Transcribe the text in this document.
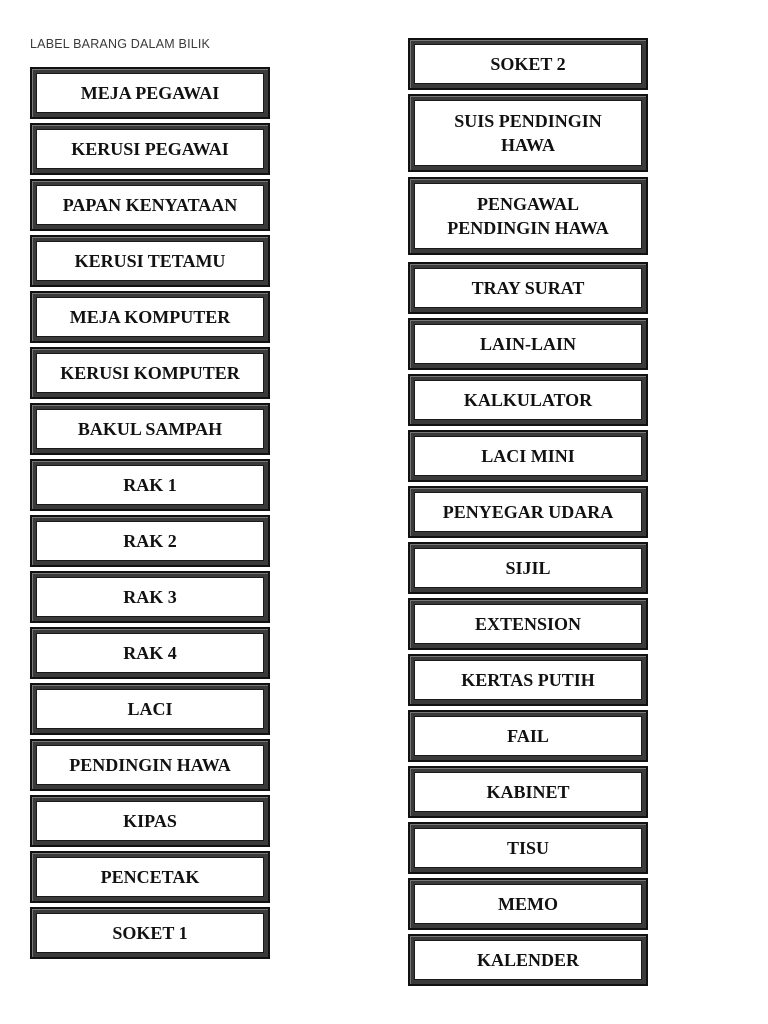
LABEL BARANG DALAM BILIK
MEJA PEGAWAI
KERUSI PEGAWAI
PAPAN KENYATAAN
KERUSI TETAMU
MEJA KOMPUTER
KERUSI KOMPUTER
BAKUL SAMPAH
RAK 1
RAK 2
RAK 3
RAK 4
LACI
PENDINGIN HAWA
KIPAS
PENCETAK
SOKET 1
SOKET 2
SUIS PENDINGIN
HAWA
PENGAWAL
PENDINGIN HAWA
TRAY SURAT
LAIN-LAIN
KALKULATOR
LACI MINI
PENYEGAR UDARA
SIJIL
EXTENSION
KERTAS PUTIH
FAIL
KABINET
TISU
MEMO
KALENDER
